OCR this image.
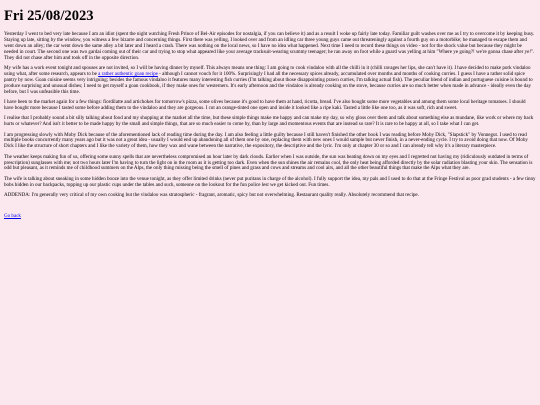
Fri 25/08/2023

Yesterday I went to bed very late because I am an idiot (spent the night watching Fresh Prince of Bel-Air episodes for nostalgia, if you can believe it) and as a result I woke up fairly late today. Familiar guilt washes over me as I try to overcome it by keeping busy. Staying up late, sitting by the window, you witness a few bizarre and concerning things. First there was yelling, I looked over and from an idling car three young guys came out threateningly against a fourth guy on a motorbike; he managed to escape them and went down an alley; the car went down the same alley a bit later and I heard a crash. There was nothing on the local news, so I have no idea what happened. Next time I need to record these things on video - not for the shock value but because they might be needed in court. The second one was two gardai coming out of their car and trying to stop what appeared like your average tracksuit-wearing scummy teenager; he ran away on foot while a guard was yelling at him "Where ye going?! we're gonna chase after ye!". They did not chase after him and took off in the opposite direction.

My wife has a work event tonight and spouses are not invited, so I will be having dinner by myself. This always means one thing: I am going to cook vindaloo with all the chilli in it (chilli ravages her lips, she can't have it). I have decided to make pork vindaloo using what, after some research, appears to be a rather authentic goan recipe - although I cannot vouch for it 100%. Surprisingly I had all the necessary spices already, accumulated over months and months of cooking curries. I guess I have a rather solid spice pantry by now. Goan cuisine seems very intriguing; besides the famous vindaloo it features many interesting fish curries (I'm talking about those disappointing prawn curries, I'm talking actual fish). The peculiar blend of indian and portuguese cuisine is bound to produce surprising and unusual dishes; I need to get myself a goan cookbook, if they make ones for westerners. It's early afternoon and the vindaloo is already cooking on the stove, because curries are so much better when made in advance - ideally even the day before, but I was unfeasible this time.

I have been to the market again for a few things: fiordilatte and artichokes for tomorrow's pizza, some olives because it's good to have them at hand, ricotta, bread. I've also bought some more vegetables and among them some local heritage tomatoes. I should have bought more because I tasted some before adding them to the vindaloo and they are gorgeous. I cut an orange-tinted one open and inside it looked like a ripe kaki. Tasted a little like one too, as it was soft, rich and sweet.

I realise that I probably sound a bit silly talking about food and my shopping at the market all the time, but these simple things make me happy and can make my day, so why gloss over them and talk about something else as mundane, like work or where my back hurts or whatever? And isn't it better to be made happy by the small and simple things, that are so much easier to come by, than by large and momentous events that are instead so rare? It is rare to be happy at all, so I take what I can get.

I am progressing slowly with Moby Dick because of the aforementioned lack of reading time during the day. I am also feeling a little guilty because I still haven't finished the other book I was reading before Moby Dick, "Slapstick" by Vonnegut. I used to read multiple books concurrently many years ago but it was not a great idea - usually I would end up abandoning all of them one by one, replacing them with new ones I would sample but never finish, in a never-ending cycle. I try to avoid doing that now. Of Moby Dick I like the structure of short chapters and I like the variety of them, how they wax and wane between the narrative, the expository, the descriptive and the lyric. I'm only at chapter 30 or so and I can already tell why it's a literary masterpiece.

The weather keeps making fun of us, offering some sunny spells that are nevertheless compromised an hour later by dark clouds. Earlier when I was outside, the sun was beating down on my eyes and I regretted not having my (ridiculously outdated in terms of prescription) sunglasses with me; not two hours later I'm having to turn the light on in the room as it is getting too dark. Even when the sun shines the air remains cool, the only heat being afforded directly by the solar radiation blasting your skin. The sensation is odd but pleasant, as it reminds me of childhood summers on the Alps, the only thing missing being the smell of pines and grass and cows and streams and cool airs, and all the other beautiful things that make the Alps what they are.

The wife is talking about sneaking in some hidden booze into the venue tonight, as they offer limited drinks (never put puritans in charge of the alcohol). I fully support the idea, my pals and I used to do that at the Fringe Festival as poor grad students - a few tinny bobs hidden in our backpacks, topping up our plastic cups under the tables and such, someone on the lookout for the fun police lest we get kicked out. Fun times.

ADDENDA: I'm generally very critical of my own cooking but the vindaloo was stratospheric - fragrant, aromatic, spicy but not overwhelming. Restaurant quality really. Absolutely recommend that recipe.

Go back
